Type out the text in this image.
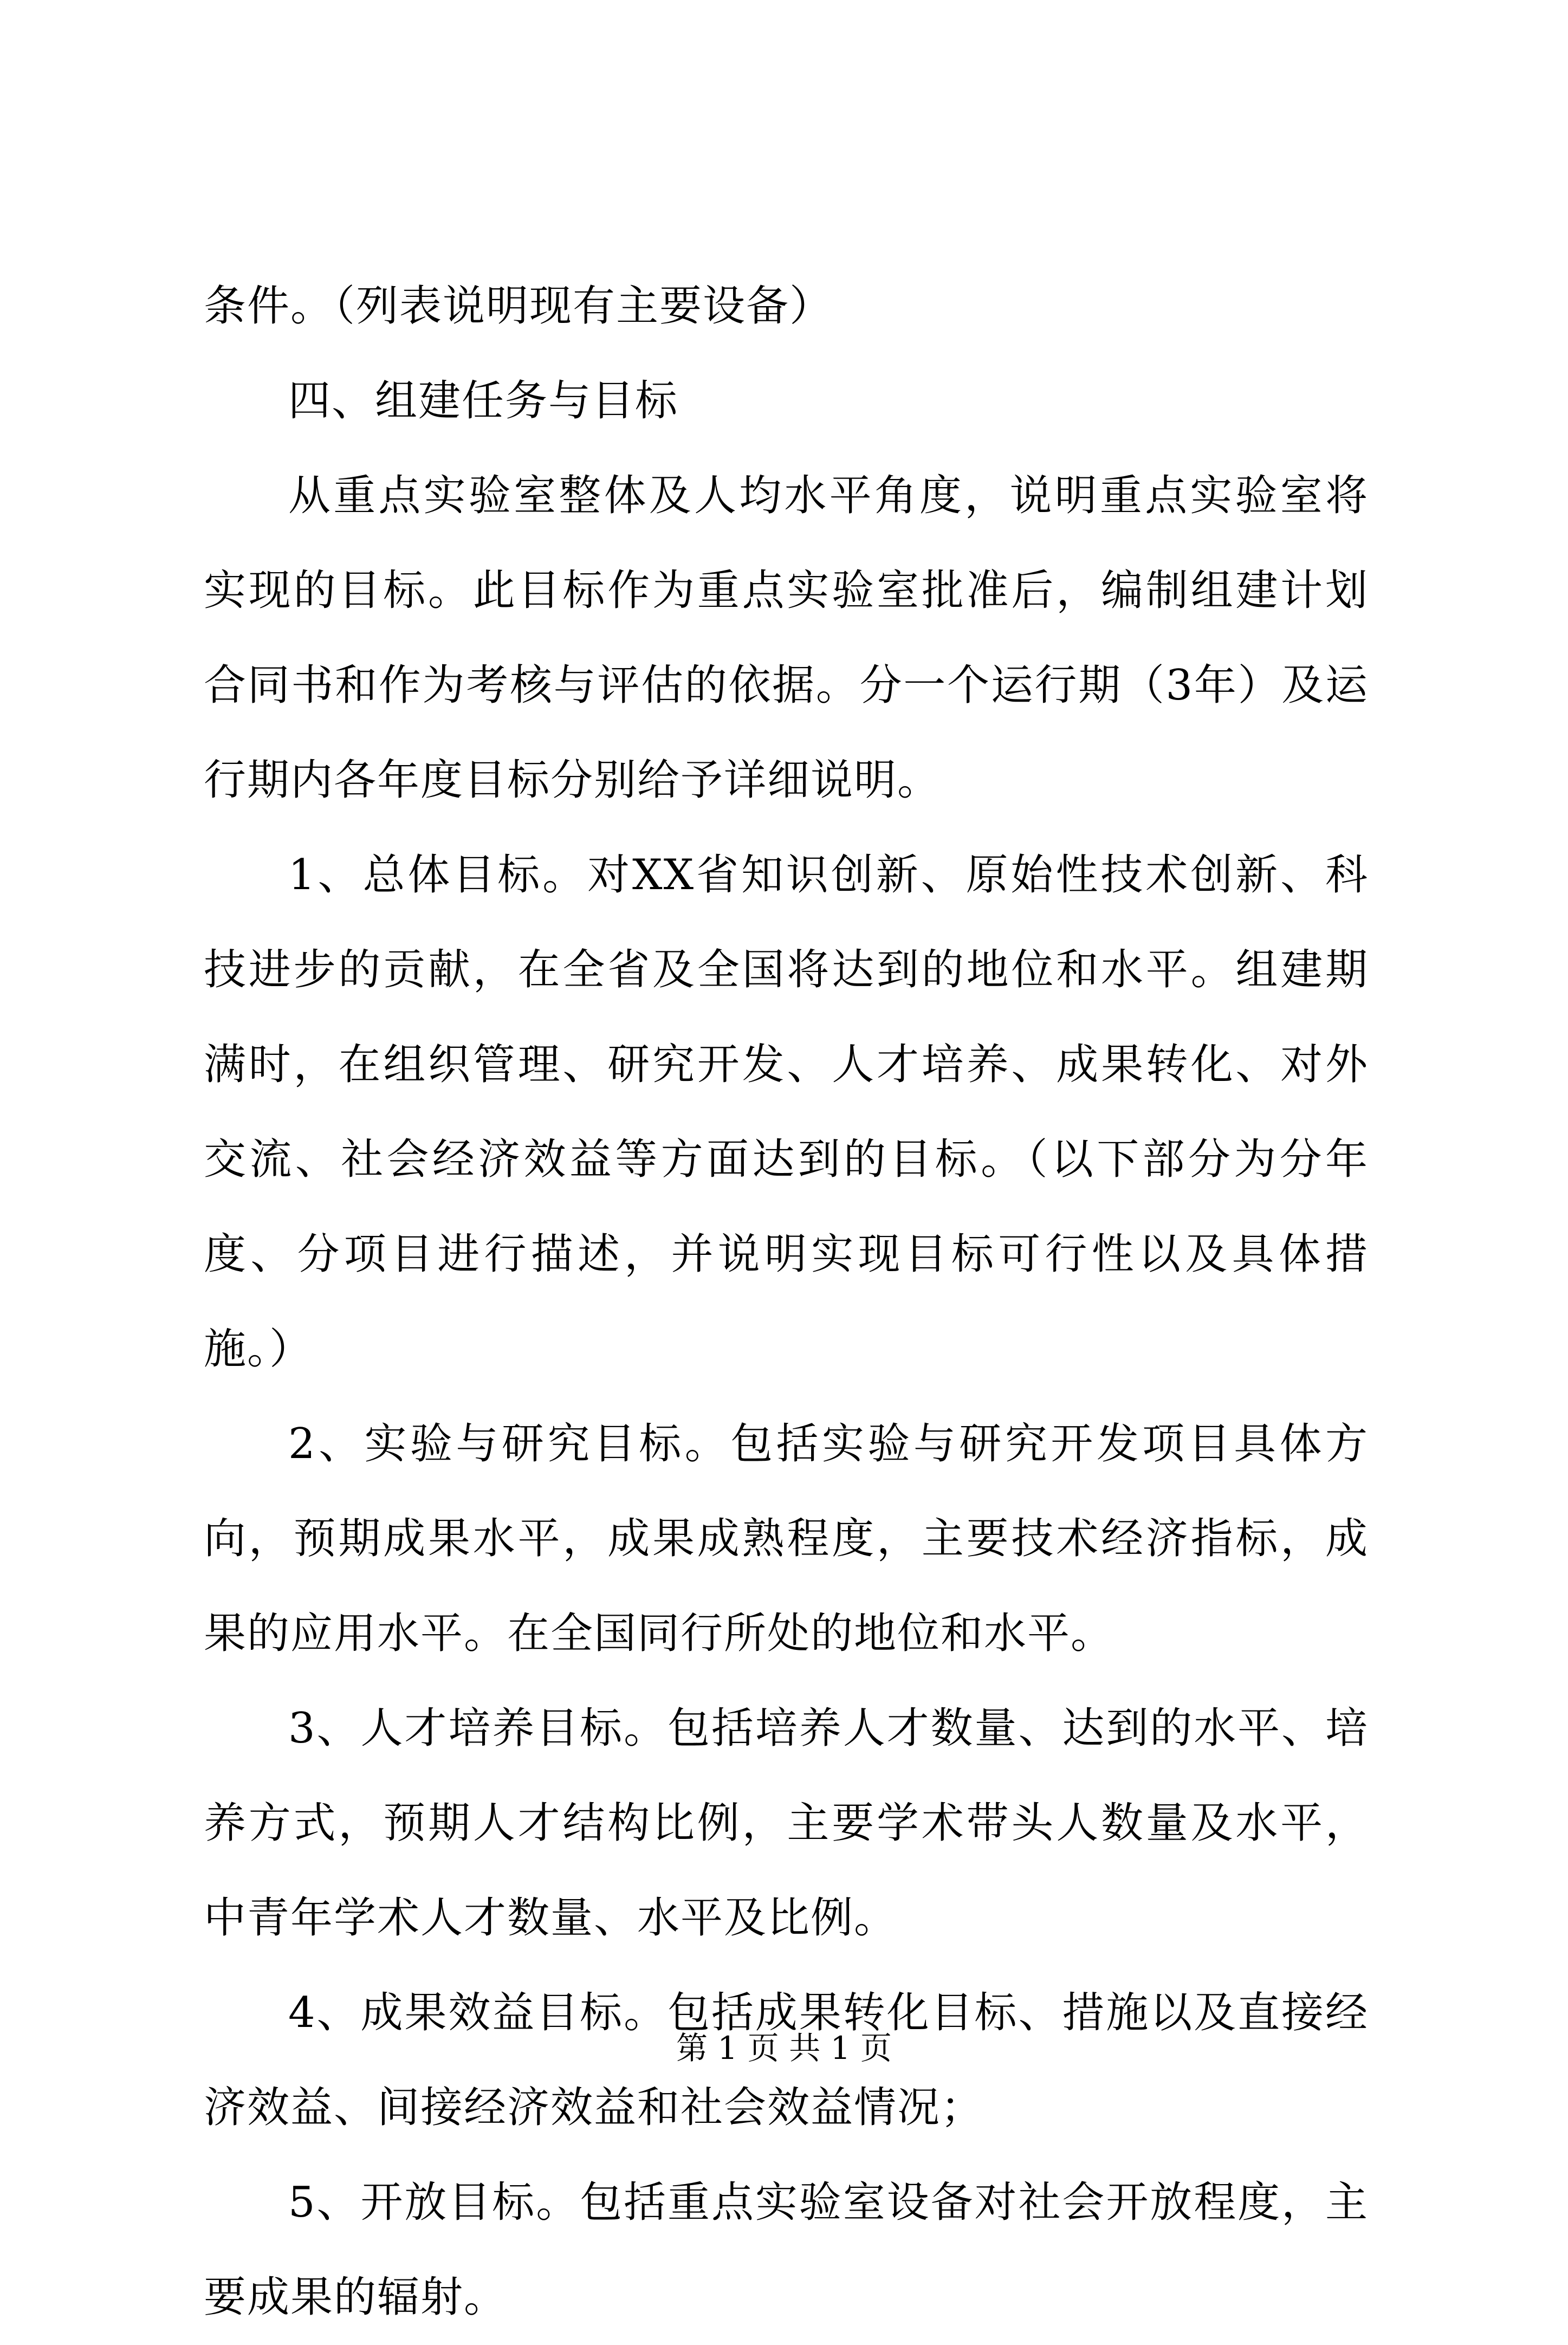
条件。（列表说明现有主要设备）

四、组建任务与目标

从重点实验室整体及人均水平角度，说明重点实验室将实现的目标。此目标作为重点实验室批准后，编制组建计划合同书和作为考核与评估的依据。分一个运行期（3年）及运行期内各年度目标分别给予详细说明。

1、总体目标。对XX省知识创新、原始性技术创新、科技进步的贡献，在全省及全国将达到的地位和水平。组建期满时，在组织管理、研究开发、人才培养、成果转化、对外交流、社会经济效益等方面达到的目标。（以下部分为分年度、分项目进行描述，并说明实现目标可行性以及具体措施。）

2、实验与研究目标。包括实验与研究开发项目具体方向，预期成果水平，成果成熟程度，主要技术经济指标，成果的应用水平。在全国同行所处的地位和水平。

3、人才培养目标。包括培养人才数量、达到的水平、培养方式，预期人才结构比例，主要学术带头人数量及水平，中青年学术人才数量、水平及比例。

4、成果效益目标。包括成果转化目标、措施以及直接经济效益、间接经济效益和社会效益情况；

5、开放目标。包括重点实验室设备对社会开放程度，主要成果的辐射。

第 1 页 共 1 页
